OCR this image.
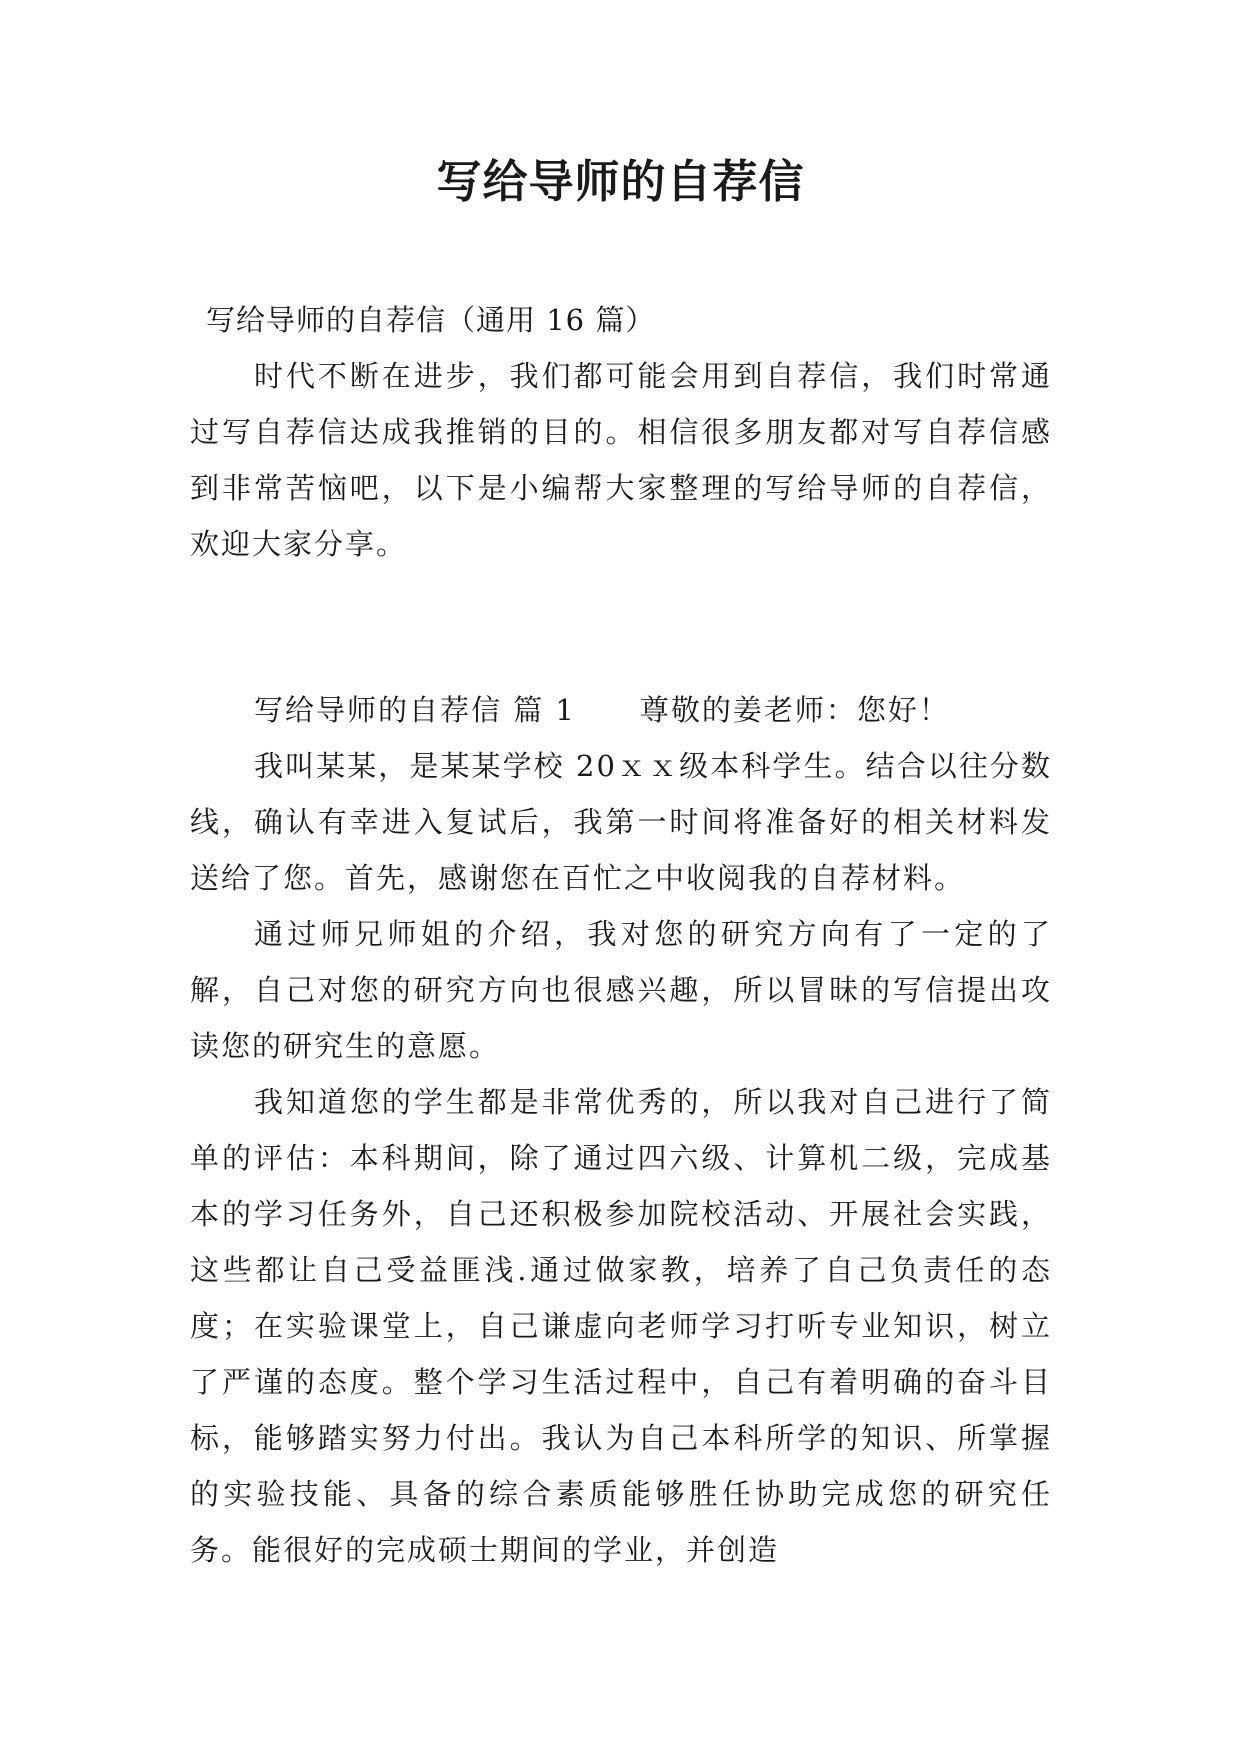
写给导师的自荐信

写给导师的自荐信（通用 16 篇）

时代不断在进步，我们都可能会用到自荐信，我们时常通过写自荐信达成我推销的目的。相信很多朋友都对写自荐信感到非常苦恼吧，以下是小编帮大家整理的写给导师的自荐信，欢迎大家分享。

写给导师的自荐信 篇 1 尊敬的姜老师：您好！

我叫某某，是某某学校 20ｘｘ级本科学生。结合以往分数线，确认有幸进入复试后，我第一时间将准备好的相关材料发送给了您。首先，感谢您在百忙之中收阅我的自荐材料。

通过师兄师姐的介绍，我对您的研究方向有了一定的了解，自己对您的研究方向也很感兴趣，所以冒昧的写信提出攻读您的研究生的意愿。

我知道您的学生都是非常优秀的，所以我对自己进行了简单的评估：本科期间，除了通过四六级、计算机二级，完成基本的学习任务外，自己还积极参加院校活动、开展社会实践，这些都让自己受益匪浅.通过做家教，培养了自己负责任的态度；在实验课堂上，自己谦虚向老师学习打听专业知识，树立了严谨的态度。整个学习生活过程中，自己有着明确的奋斗目标，能够踏实努力付出。我认为自己本科所学的知识、所掌握的实验技能、具备的综合素质能够胜任协助完成您的研究任务。能很好的完成硕士期间的学业，并创造
